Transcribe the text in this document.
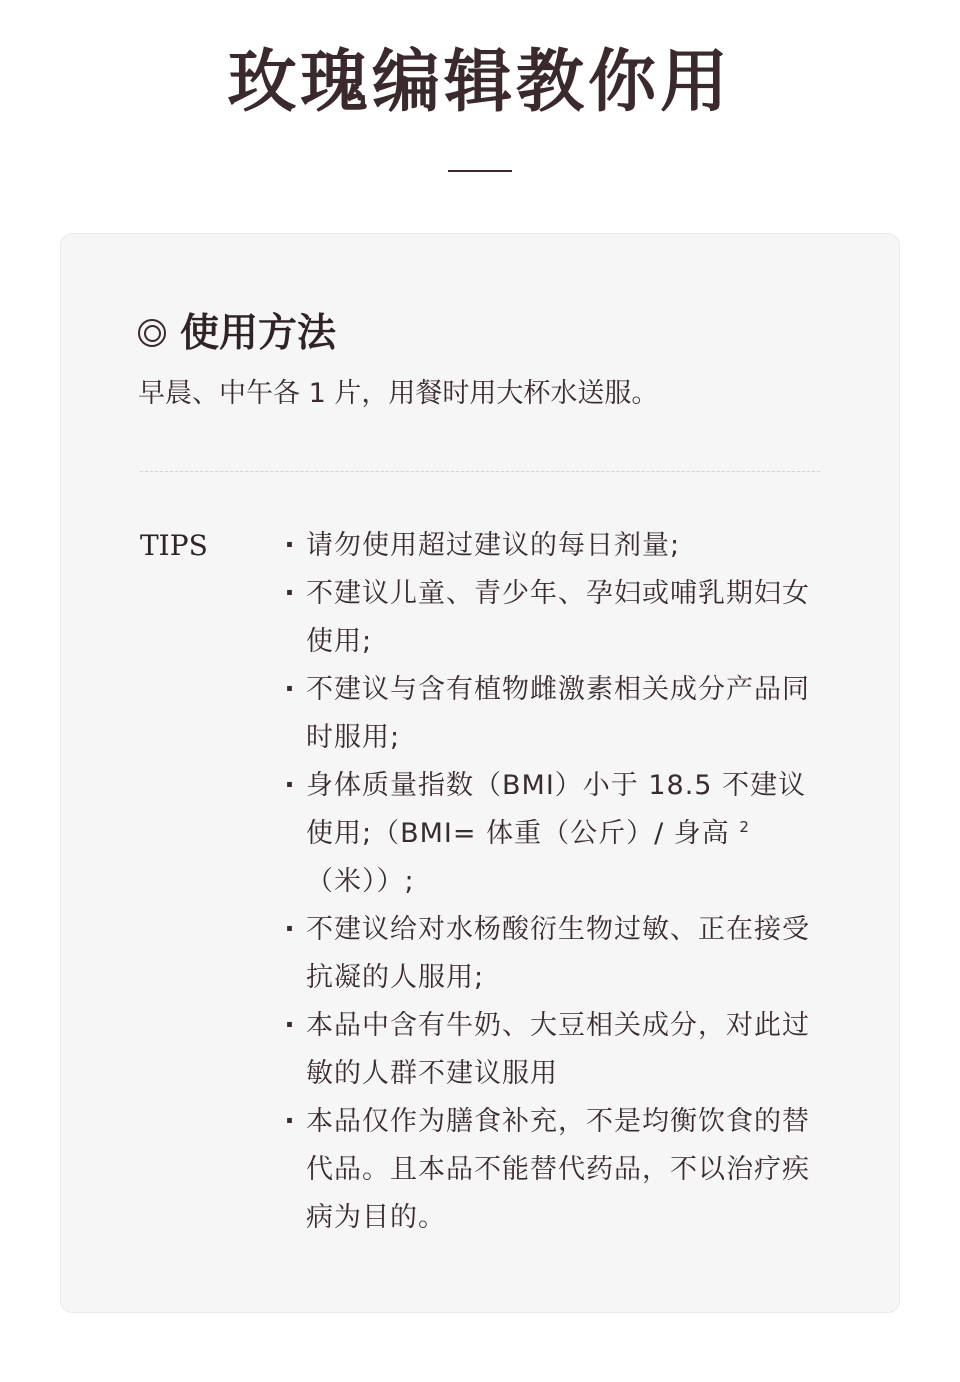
玫瑰编辑教你用
使用方法
早晨、中午各 1 片，用餐时用大杯水送服。
TIPS	· 请勿使用超过建议的每日剂量;
· 不建议儿童、青少年、孕妇或哺乳期妇女使用;
· 不建议与含有植物雌激素相关成分产品同时服用;
· 身体质量指数（BMI）小于 18.5 不建议使用;（BMI= 体重（公斤）/ 身高 $^2$（米））;
· 不建议给对水杨酸衍生物过敏、正在接受抗凝的人服用;
· 本品中含有牛奶、大豆相关成分，对此过敏的人群不建议服用
· 本品仅作为膳食补充，不是均衡饮食的替代品。且本品不能替代药品，不以治疗疾病为目的。
